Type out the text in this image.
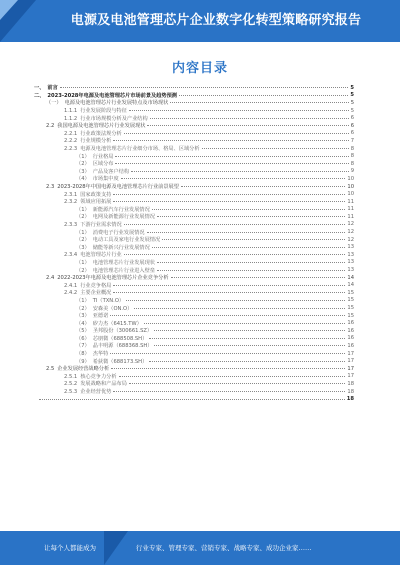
电源及电池管理芯片企业数字化转型策略研究报告
内容目录
一、 前言	5
二、 2023-2028年电源及电池管理芯片市场前景及趋势预测	5
（一） 电源及电池管理芯片行业发展特点及市场现状	5
1.1.1 行业发展阶段与特征	5
1.1.2 行业市场规模分析及产业结构	6
2.2 我国电源及电池管理芯片行业发展现状	6
2.2.1 行业政策法规分析	6
2.2.2 行业规模分析	7
2.2.3 电源及电池管理芯片行业细分市场、格局、区域分析	8
（1） 行业格局	8
（2） 区域分布	8
（3） 产品及客户结构	9
（4） 市场集中度	10
2.3 2023-2028年中国电源及电池管理芯片行业前景展望	10
2.3.1 国家政策支持	10
2.3.2 领域应用拓展	11
（1） 新能源汽车行业发展情况	11
（2） 电网及新能源行业发展情况	11
2.3.3 下游行业需求情况	12
（1） 消费电子行业发展情况	12
（2） 电动工具及家电行业发展情况	12
（3） 储能等新兴行业发展情况	13
2.3.4 电池管理芯片行业	13
（1） 电池管理芯片行业发展现状	13
（2） 电池管理芯片行业进入壁垒	13
2.4 2022-2023年电源及电池管理芯片企业竞争分析	14
2.4.1 行业竞争格局	14
2.4.2 主要企业概况	15
（1） TI（TXN.O）	15
（2） 安森美（ON.O）	15
（3） 亚德诺	15
（4） 矽力杰（6415.TW）	16
（5） 圣邦股份（300661.SZ）	16
（6） 芯朋微（688508.SH）	16
（7） 晶丰明源（688368.SH）	16
（8） 杰华特	17
（9） 希荻微（688173.SH）	17
2.5 企业发展经营战略分析	17
2.5.1 核心竞争力分析	17
2.5.2 发展战略和产品布局	18
2.5.3 企业经营优势	18
18
让每个人都能成为	行业专家、管理专家、营销专家、战略专家、成功企业家……
